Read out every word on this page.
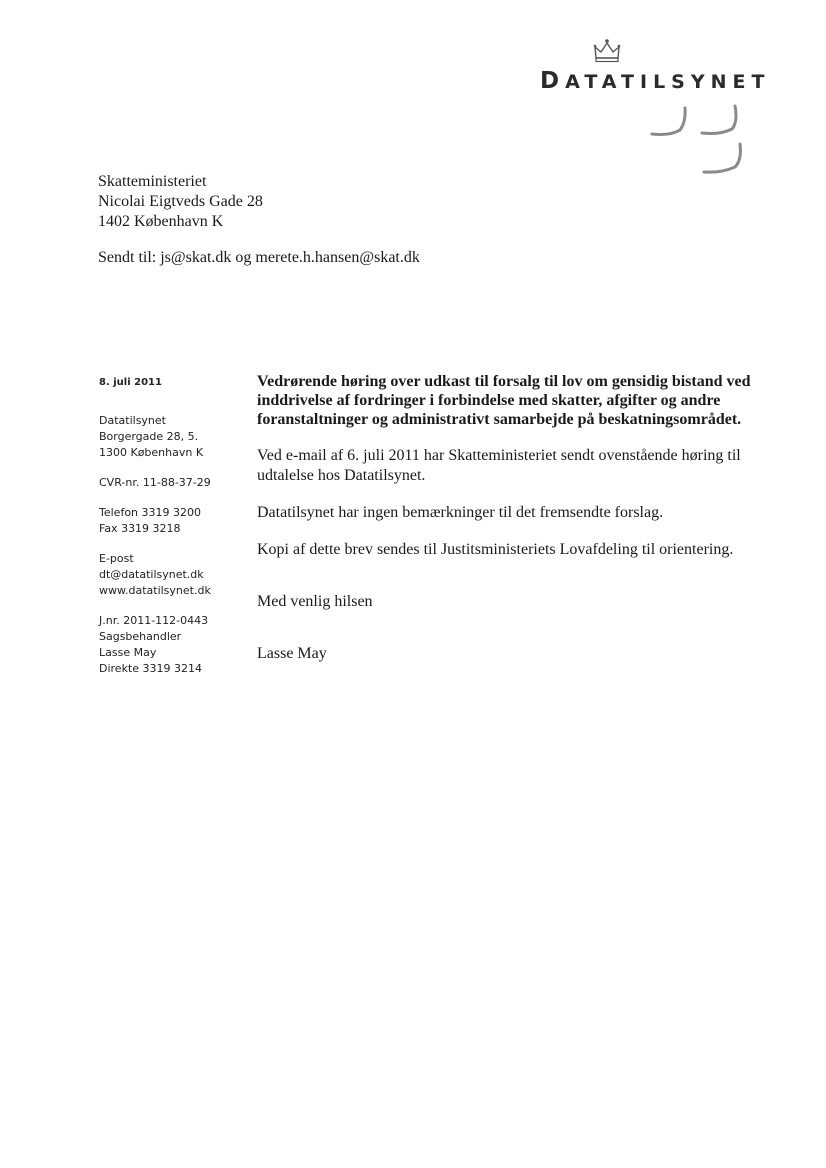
DATATILSYNET
Skatteministeriet
Nicolai Eigtveds Gade 28
1402 København K
Sendt til: js@skat.dk og merete.h.hansen@skat.dk
8. juli 2011
Datatilsynet
Borgergade 28, 5.
1300 København K
CVR-nr. 11-88-37-29
Telefon 3319 3200
Fax 3319 3218
E-post
dt@datatilsynet.dk
www.datatilsynet.dk
J.nr. 2011-112-0443
Sagsbehandler
Lasse May
Direkte 3319 3214

Vedrørende høring over udkast til forsalg til lov om gensidig bistand ved inddrivelse af fordringer i forbindelse med skatter, afgifter og andre foranstaltninger og administrativt samarbejde på beskatningsområdet.

Ved e-mail af 6. juli 2011 har Skatteministeriet sendt ovenstående høring til udtalelse hos Datatilsynet.

Datatilsynet har ingen bemærkninger til det fremsendte forslag.

Kopi af dette brev sendes til Justitsministeriets Lovafdeling til orientering.

Med venlig hilsen

Lasse May
